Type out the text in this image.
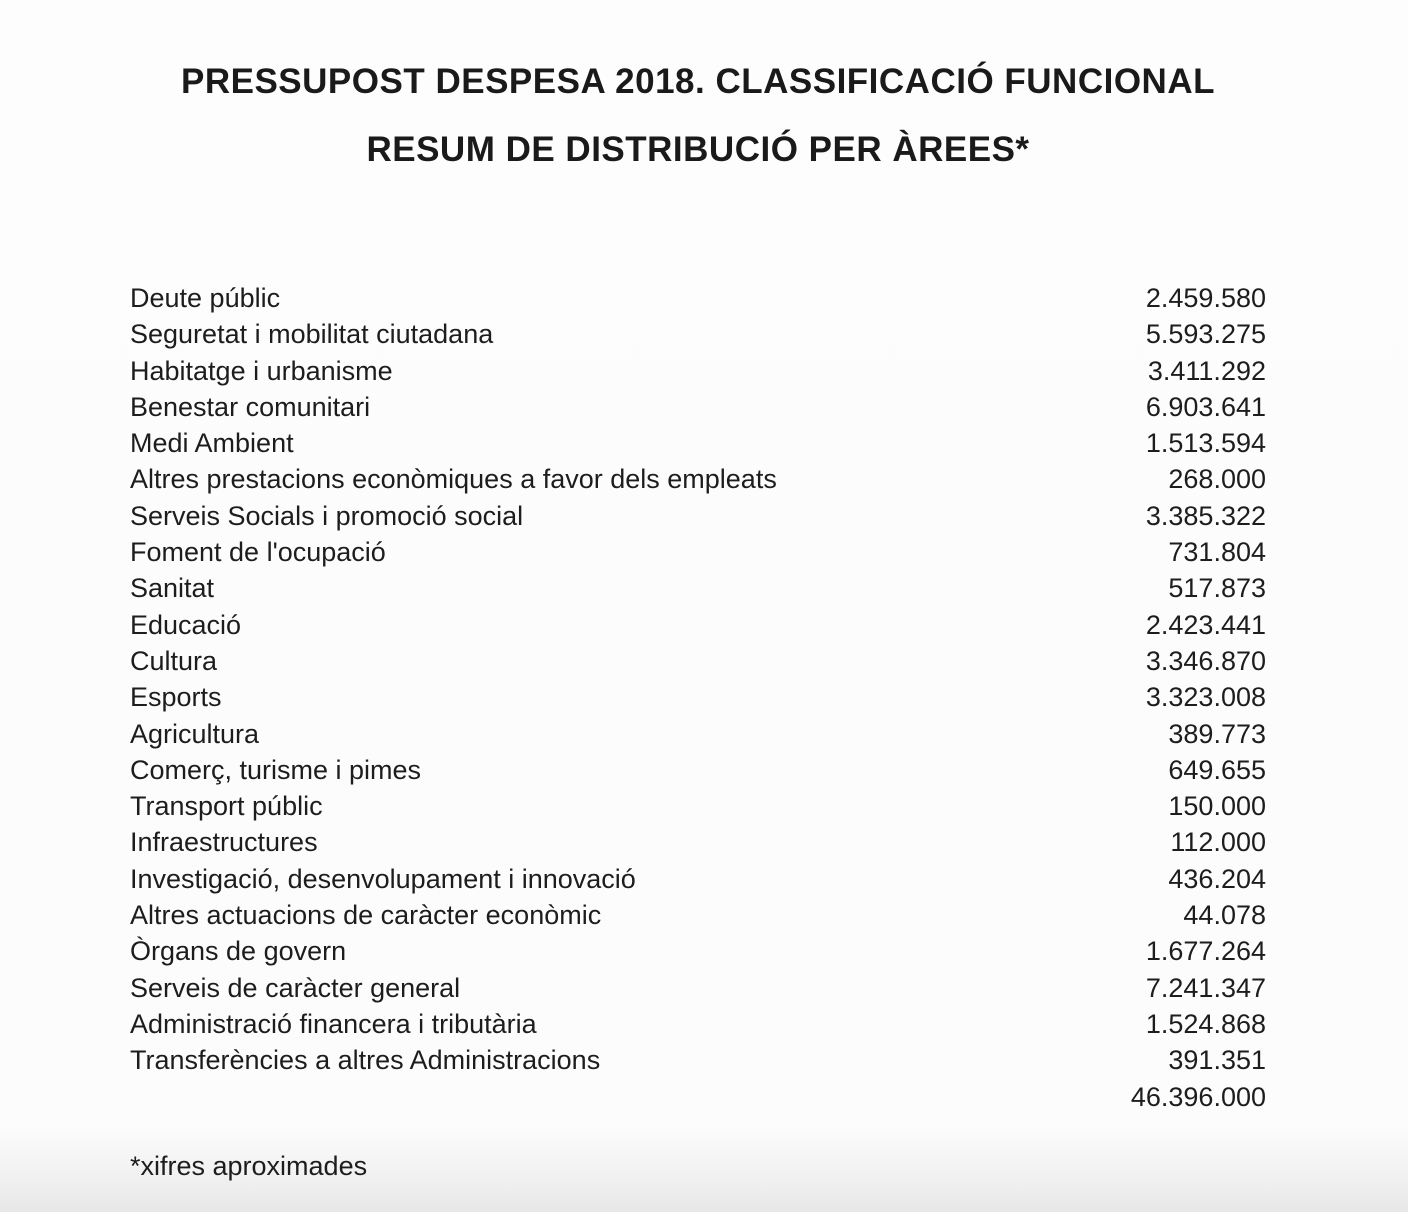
PRESSUPOST DESPESA 2018. CLASSIFICACIÓ FUNCIONAL
RESUM DE DISTRIBUCIÓ PER ÀREES*
Deute públic	2.459.580
Seguretat i mobilitat ciutadana	5.593.275
Habitatge i urbanisme	3.411.292
Benestar comunitari	6.903.641
Medi Ambient	1.513.594
Altres prestacions econòmiques a favor dels empleats	268.000
Serveis Socials i promoció social	3.385.322
Foment de l'ocupació	731.804
Sanitat	517.873
Educació	2.423.441
Cultura	3.346.870
Esports	3.323.008
Agricultura	389.773
Comerç, turisme i pimes	649.655
Transport públic	150.000
Infraestructures	112.000
Investigació, desenvolupament i innovació	436.204
Altres actuacions de caràcter econòmic	44.078
Òrgans de govern	1.677.264
Serveis de caràcter general	7.241.347
Administració financera i tributària	1.524.868
Transferències a altres Administracions	391.351
46.396.000
*xifres aproximades
